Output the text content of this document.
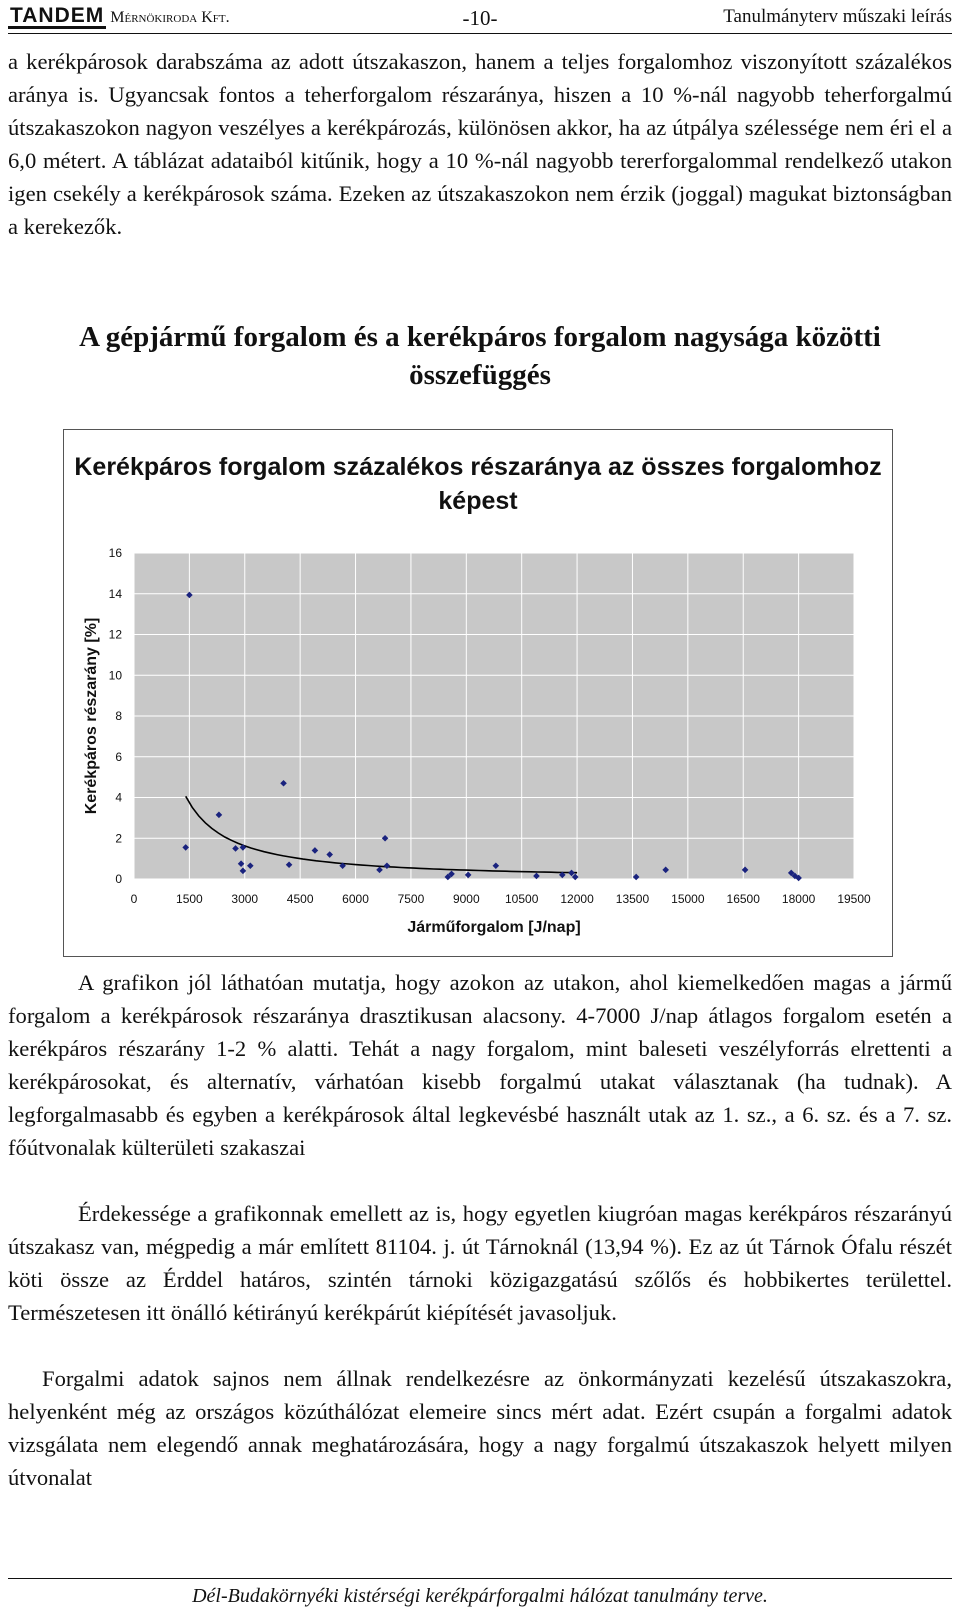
TANDEM Mérnökiroda Kft.	-10-	Tanulmányterv műszaki leírás

a kerékpárosok darabszáma az adott útszakaszon, hanem a teljes forgalomhoz viszonyított százalékos aránya is. Ugyancsak fontos a teherforgalom részaránya, hiszen a 10 %-nál nagyobb teherforgalmú útszakaszokon nagyon veszélyes a kerékpározás, különösen akkor, ha az útpálya szélessége nem éri el a 6,0 métert. A táblázat adataiból kitűnik, hogy a 10 %-nál nagyobb tererforgalommal rendelkező utakon igen csekély a kerékpárosok száma. Ezeken az útszakaszokon nem érzik (joggal) magukat biztonságban a kerekezők.

A gépjármű forgalom és a kerékpáros forgalom nagysága közötti összefüggés
Kerékpáros forgalom százalékos részaránya az összes forgalomhoz képest
0
2
4
6
8
10
12
14
16
0	1500 3000 4500 6000 7500 9000 10500 12000 13500 15000 16500 18000 19500
Járműforgalom [J/nap]
Kerékpáros részarány [%]

A grafikon jól láthatóan mutatja, hogy azokon az utakon, ahol kiemelkedően magas a jármű forgalom a kerékpárosok részaránya drasztikusan alacsony. 4-7000 J/nap átlagos forgalom esetén a kerékpáros részarány 1-2 % alatti. Tehát a nagy forgalom, mint baleseti veszélyforrás elrettenti a kerékpárosokat, és alternatív, várhatóan kisebb forgalmú utakat választanak (ha tudnak). A legforgalmasabb és egyben a kerékpárosok által legkevésbé használt utak az 1. sz., a 6. sz. és a 7. sz. főútvonalak külterületi szakaszai

Érdekessége a grafikonnak emellett az is, hogy egyetlen kiugróan magas kerékpáros részarányú útszakasz van, mégpedig a már említett 81104. j. út Tárnoknál (13,94 %). Ez az út Tárnok Ófalu részét köti össze az Érddel határos, szintén tárnoki közigazgatású szőlős és hobbikertes területtel. Természetesen itt önálló kétirányú kerékpárút kiépítését javasoljuk.

Forgalmi adatok sajnos nem állnak rendelkezésre az önkormányzati kezelésű útszakaszokra, helyenként még az országos közúthálózat elemeire sincs mért adat. Ezért csupán a forgalmi adatok vizsgálata nem elegendő annak meghatározására, hogy a nagy forgalmú útszakaszok helyett milyen útvonalat

Dél-Budakörnyéki kistérségi kerékpárforgalmi hálózat tanulmány terve.
